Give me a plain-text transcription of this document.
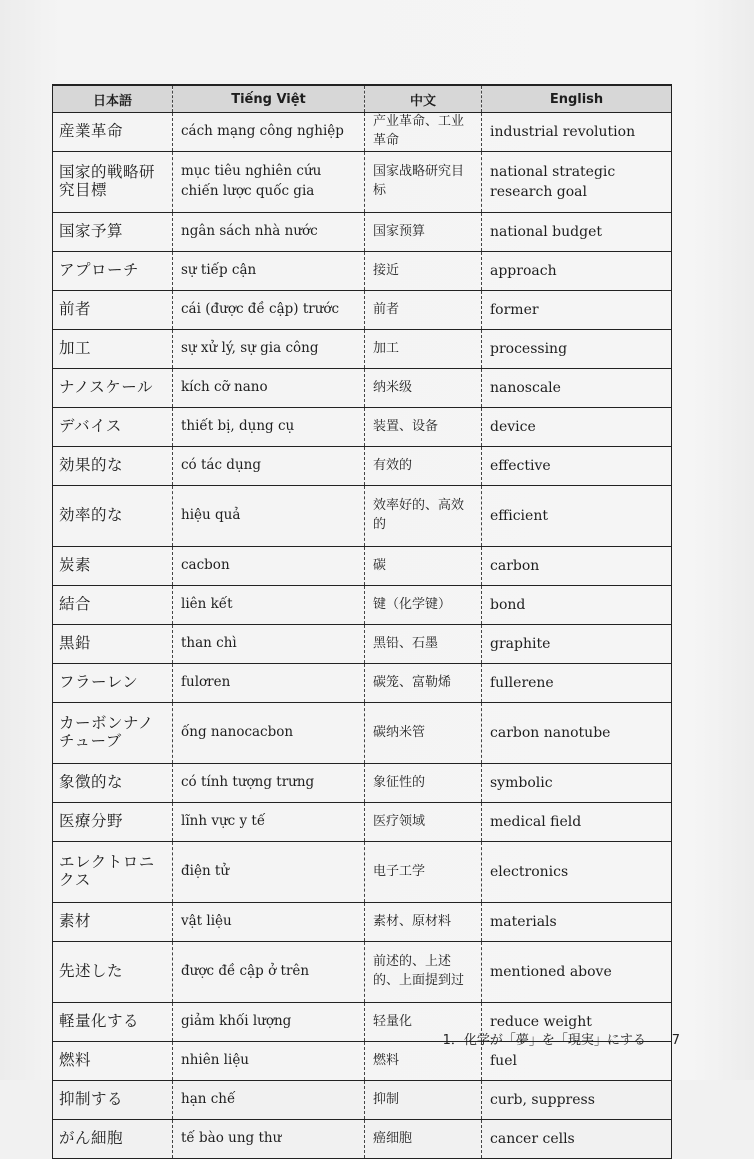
日本語	Tiếng Việt	中文	English

産業革命	cách mạng công nghiệp	产业革命、工业革命	industrial revolution

国家的戦略研究目標	mục tiêu nghiên cứu chiến lược quốc gia	国家战略研究目标	national strategic research goal

国家予算	ngân sách nhà nước	国家预算	national budget

アプローチ	sự tiếp cận	接近	approach

前者	cái (được đề cập) trước	前者	former

加工	sự xử lý, sự gia công	加工	processing

ナノスケール	kích cỡ nano	纳米级	nanoscale

デバイス	thiết bị, dụng cụ	装置、设备	device

効果的な	có tác dụng	有效的	effective

効率的な	hiệu quả	效率好的、高效的	efficient

炭素	cacbon	碳	carbon

結合	liên kết	键（化学键）	bond

黒鉛	than chì	黑铅、石墨	graphite

フラーレン	fulơren	碳笼、富勒烯	fullerene

カーボンナノチューブ	ống nanocacbon	碳纳米管	carbon nanotube

象徴的な	có tính tượng trưng	象征性的	symbolic

医療分野	lĩnh vực y tế	医疗领域	medical field

エレクトロニクス	điện tử	电子工学	electronics

素材	vật liệu	素材、原材料	materials

先述した	được đề cập ở trên	前述的、上述的、上面提到过	mentioned above

軽量化する	giảm khối lượng	轻量化	reduce weight

燃料	nhiên liệu	燃料	fuel

抑制する	hạn chế	抑制	curb, suppress

がん細胞	tế bào ung thư	癌细胞	cancer cells
1．化学が「夢」を「現実」にする 7
